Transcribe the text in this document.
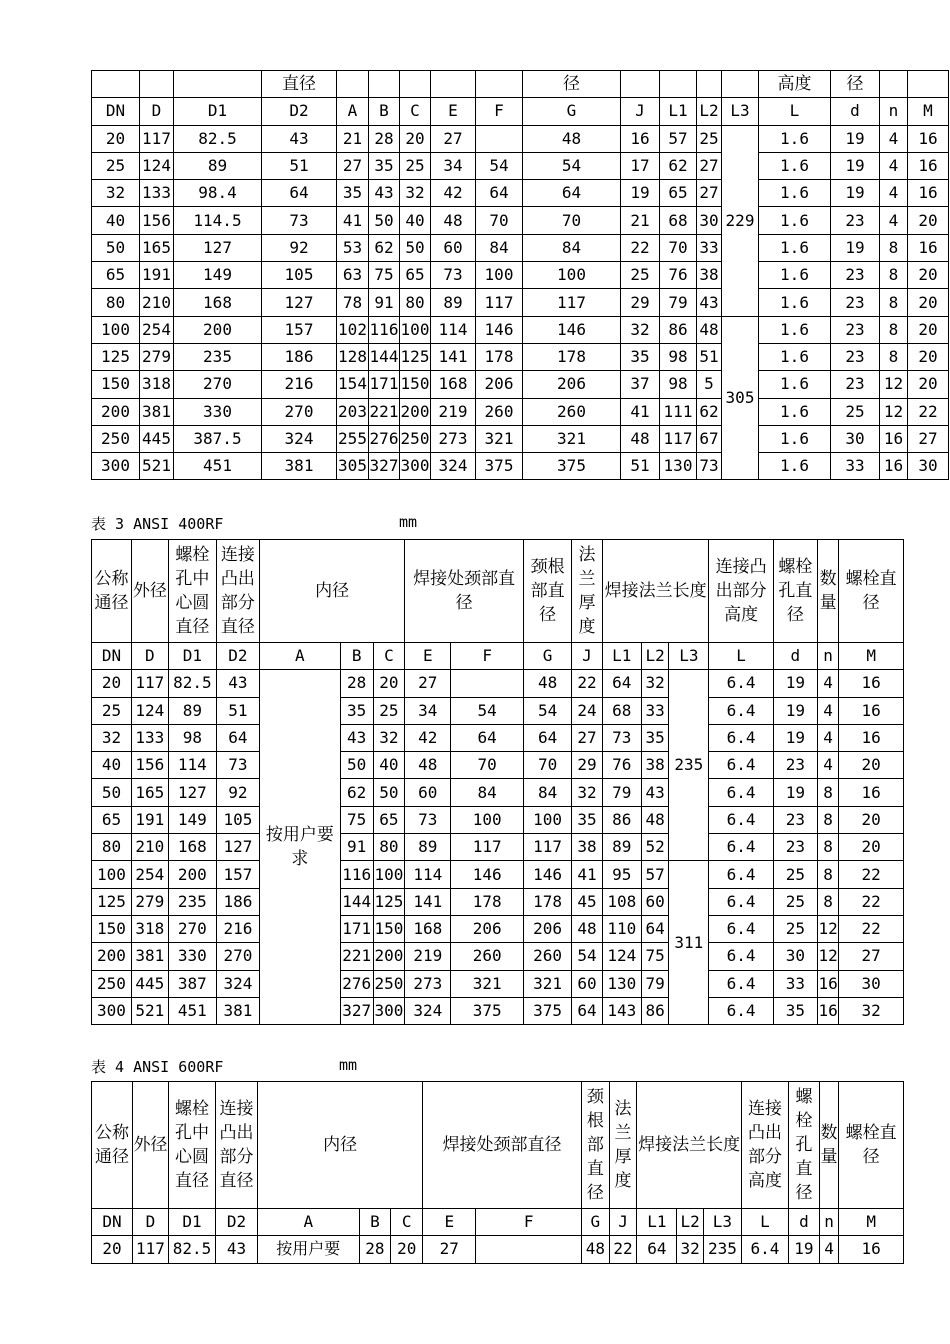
			直径						径					高度	径		
DN	D	D1	D2	A	B	C	E	F	G	J	L1	L2	L3	L	d	n	M
20	117	82.5	43	21	28	20	27		48	16	57	25	229	1.6	19	4	16
25	124	89	51	27	35	25	34	54	54	17	62	27		1.6	19	4	16
32	133	98.4	64	35	43	32	42	64	64	19	65	27		1.6	19	4	16
40	156	114.5	73	41	50	40	48	70	70	21	68	30		1.6	23	4	20
50	165	127	92	53	62	50	60	84	84	22	70	33		1.6	19	8	16
65	191	149	105	63	75	65	73	100	100	25	76	38		1.6	23	8	20
80	210	168	127	78	91	80	89	117	117	29	79	43		1.6	23	8	20
100	254	200	157	102	116	100	114	146	146	32	86	48	305	1.6	23	8	20
125	279	235	186	128	144	125	141	178	178	35	98	51		1.6	23	8	20
150	318	270	216	154	171	150	168	206	206	37	98	5		1.6	23	12	20
200	381	330	270	203	221	200	219	260	260	41	111	62		1.6	25	12	22
250	445	387.5	324	255	276	250	273	321	321	48	117	67		1.6	30	16	27
300	521	451	381	305	327	300	324	375	375	51	130	73		1.6	33	16	30
表 3 ANSI 400RF	mm
公称通径	外径	螺栓孔中心圆直径	连接凸出部分直径	内径			焊接处颈部直径		颈根部直径	法兰厚度	焊接法兰长度			连接凸出部分高度	螺栓孔直径	数量	螺栓直径
DN	D	D1	D2	A	B	C	E	F	G	J	L1	L2	L3	L	d	n	M
20	117	82.5	43	按用户要求	28	20	27		48	22	64	32	235	6.4	19	4	16
25	124	89	51		35	25	34	54	54	24	68	33		6.4	19	4	16
32	133	98	64		43	32	42	64	64	27	73	35		6.4	19	4	16
40	156	114	73		50	40	48	70	70	29	76	38		6.4	23	4	20
50	165	127	92		62	50	60	84	84	32	79	43		6.4	19	8	16
65	191	149	105		75	65	73	100	100	35	86	48		6.4	23	8	20
80	210	168	127		91	80	89	117	117	38	89	52		6.4	23	8	20
100	254	200	157		116	100	114	146	146	41	95	57	311	6.4	25	8	22
125	279	235	186		144	125	141	178	178	45	108	60		6.4	25	8	22
150	318	270	216		171	150	168	206	206	48	110	64		6.4	25	12	22
200	381	330	270		221	200	219	260	260	54	124	75		6.4	30	12	27
250	445	387	324		276	250	273	321	321	60	130	79		6.4	33	16	30
300	521	451	381		327	300	324	375	375	64	143	86		6.4	35	16	32
表 4 ANSI 600RF	mm
公称通径	外径	螺栓孔中心圆直径	连接凸出部分直径	内径			焊接处颈部直径		颈根部直径	法兰厚度	焊接法兰长度			连接凸出部分高度	螺栓孔直径	数量	螺栓直径
DN	D	D1	D2	A	B	C	E	F	G	J	L1	L2	L3	L	d	n	M
20	117	82.5	43	按用户要	28	20	27		48	22	64	32	235	6.4	19	4	16
